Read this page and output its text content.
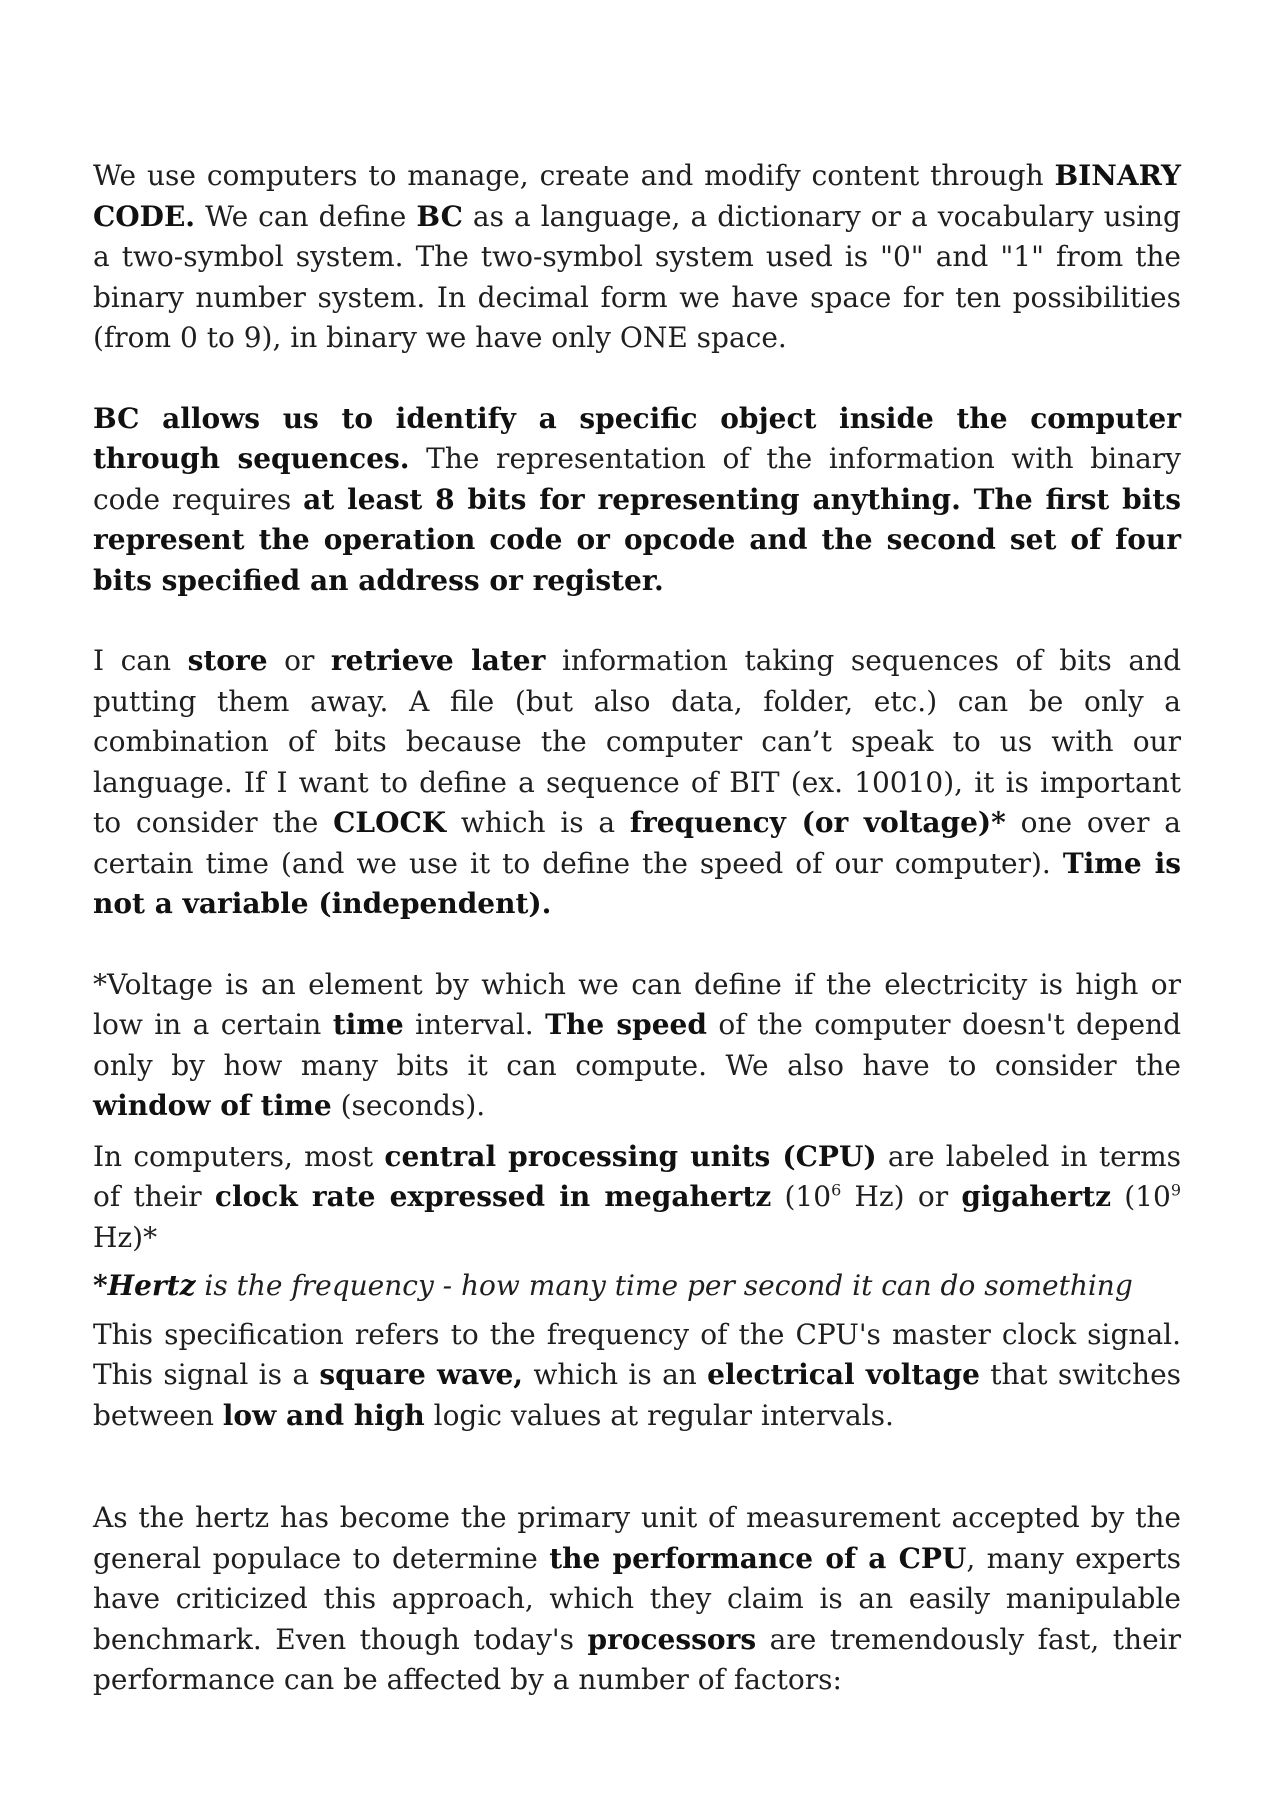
We use computers to manage, create and modify content through BINARY CODE. We can define BC as a language, a dictionary or a vocabulary using a two-symbol system. The two-symbol system used is "0" and "1" from the binary number system. In decimal form we have space for ten possibilities (from 0 to 9), in binary we have only ONE space.

BC allows us to identify a specific object inside the computer through sequences. The representation of the information with binary code requires at least 8 bits for representing anything. The first bits represent the operation code or opcode and the second set of four bits specified an address or register.

I can store or retrieve later information taking sequences of bits and putting them away. A file (but also data, folder, etc.) can be only a combination of bits because the computer can’t speak to us with our language. If I want to define a sequence of BIT (ex. 10010), it is important to consider the CLOCK which is a frequency (or voltage)* one over a certain time (and we use it to define the speed of our computer). Time is not a variable (independent).

*Voltage is an element by which we can define if the electricity is high or low in a certain time interval. The speed of the computer doesn't depend only by how many bits it can compute. We also have to consider the window of time (seconds).

In computers, most central processing units (CPU) are labeled in terms of their clock rate expressed in megahertz ($10^6$ Hz) or gigahertz ($10^9$ Hz)*

*Hertz is the frequency - how many time per second it can do something

This specification refers to the frequency of the CPU's master clock signal. This signal is a square wave, which is an electrical voltage that switches between low and high logic values at regular intervals.

As the hertz has become the primary unit of measurement accepted by the general populace to determine the performance of a CPU, many experts have criticized this approach, which they claim is an easily manipulable benchmark. Even though today's processors are tremendously fast, their performance can be affected by a number of factors:
